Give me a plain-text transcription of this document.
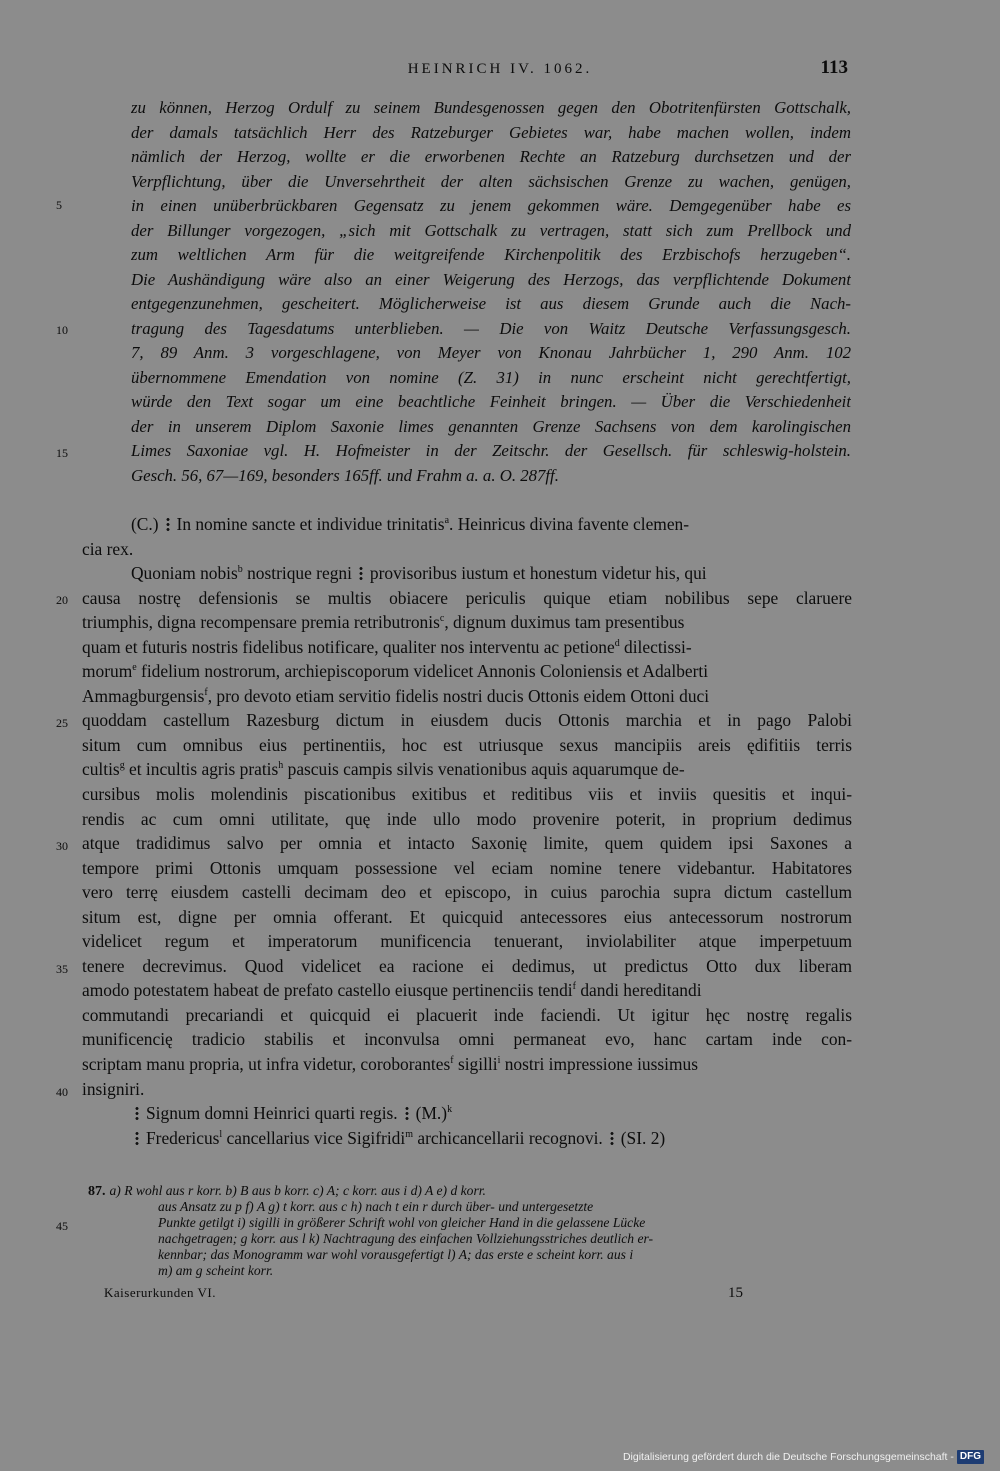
HEINRICH IV. 1062.	113
5
10
15
20
25
30
35
40
45
zu können, Herzog Ordulf zu seinem Bundesgenossen gegen den Obotritenfürsten Gottschalk,
der damals tatsächlich Herr des Ratzeburger Gebietes war, habe machen wollen, indem
nämlich der Herzog, wollte er die erworbenen Rechte an Ratzeburg durchsetzen und der
Verpflichtung, über die Unversehrtheit der alten sächsischen Grenze zu wachen, genügen,
in einen unüberbrückbaren Gegensatz zu jenem gekommen wäre. Demgegenüber habe es
der Billunger vorgezogen, „sich mit Gottschalk zu vertragen, statt sich zum Prellbock und
zum weltlichen Arm für die weitgreifende Kirchenpolitik des Erzbischofs herzugeben“.
Die Aushändigung wäre also an einer Weigerung des Herzogs, das verpflichtende Dokument
entgegenzunehmen, gescheitert. Möglicherweise ist aus diesem Grunde auch die Nach-
tragung des Tagesdatums unterblieben. — Die von Waitz Deutsche Verfassungsgesch.
7, 89 Anm. 3 vorgeschlagene, von Meyer von Knonau Jahrbücher 1, 290 Anm. 102
übernommene Emendation von nomine (Z. 31) in nunc erscheint nicht gerechtfertigt,
würde den Text sogar um eine beachtliche Feinheit bringen. — Über die Verschiedenheit
der in unserem Diplom Saxonie limes genannten Grenze Sachsens von dem karolingischen
Limes Saxoniae vgl. H. Hofmeister in der Zeitschr. der Gesellsch. für schleswig-holstein.
Gesch. 56, 67—169, besonders 165ff. und Frahm a. a. O. 287ff.
(C.) In nomine sancte et individue trinitatis$^a$. Heinricus divina favente clemen-
cia rex.
Quoniam nobis$^b$ nostrique regni provisoribus iustum et honestum videtur his, qui
causa nostrę defensionis se multis obiacere periculis quique etiam nobilibus sepe claruere
triumphis, digna recompensare premia retributronis$^c$, dignum duximus tam presentibus
quam et futuris nostris fidelibus notificare, qualiter nos interventu ac petione$^d$ dilectissi-
morum$^e$ fidelium nostrorum, archiepiscoporum videlicet Annonis Coloniensis et Adalberti
Ammagburgensis$^f$, pro devoto etiam servitio fidelis nostri ducis Ottonis eidem Ottoni duci
quoddam castellum Razesburg dictum in eiusdem ducis Ottonis marchia et in pago Palobi
situm cum omnibus eius pertinentiis, hoc est utriusque sexus mancipiis areis ędifitiis terris
cultis$^g$ et incultis agris pratis$^h$ pascuis campis silvis venationibus aquis aquarumque de-
cursibus molis molendinis piscationibus exitibus et reditibus viis et inviis quesitis et inqui-
rendis ac cum omni utilitate, quę inde ullo modo provenire poterit, in proprium dedimus
atque tradidimus salvo per omnia et intacto Saxonię limite, quem quidem ipsi Saxones a
tempore primi Ottonis umquam possessione vel eciam nomine tenere videbantur. Habitatores
vero terrę eiusdem castelli decimam deo et episcopo, in cuius parochia supra dictum castellum
situm est, digne per omnia offerant. Et quicquid antecessores eius antecessorum nostrorum
videlicet regum et imperatorum munificencia tenuerant, inviolabiliter atque imperpetuum
tenere decrevimus. Quod videlicet ea racione ei dedimus, ut predictus Otto dux liberam
amodo potestatem habeat de prefato castello eiusque pertinenciis tendi$^f$ dandi hereditandi
commutandi precariandi et quicquid ei placuerit inde faciendi. Ut igitur hęc nostrę regalis
munificencię tradicio stabilis et inconvulsa omni permaneat evo, hanc cartam inde con-
scriptam manu propria, ut infra videtur, coroborantes$^f$ sigilli$^i$ nostri impressione iussimus
insigniri.
Signum domni Heinrici quarti regis. $(M.)^k$
Fredericus$^l$ cancellarius vice Sigifridi$^m$ archicancellarii recognovi. (SI. 2)
87. a) R wohl aus r korr. b) B aus b korr. c) A; c korr. aus i d) A e) d korr.
aus Ansatz zu p f) A g) t korr. aus c h) nach t ein r durch über- und untergesetzte
Punkte getilgt i) sigilli in größerer Schrift wohl von gleicher Hand in die gelassene Lücke
nachgetragen; g korr. aus l k) Nachtragung des einfachen Vollziehungsstriches deutlich er-
kennbar; das Monogramm war wohl vorausgefertigt l) A; das erste e scheint korr. aus i
m) am g scheint korr.
Kaiserurkunden VI.	15
Digitalisierung gefördert durch die Deutsche Forschungsgemeinschaft - DFG
